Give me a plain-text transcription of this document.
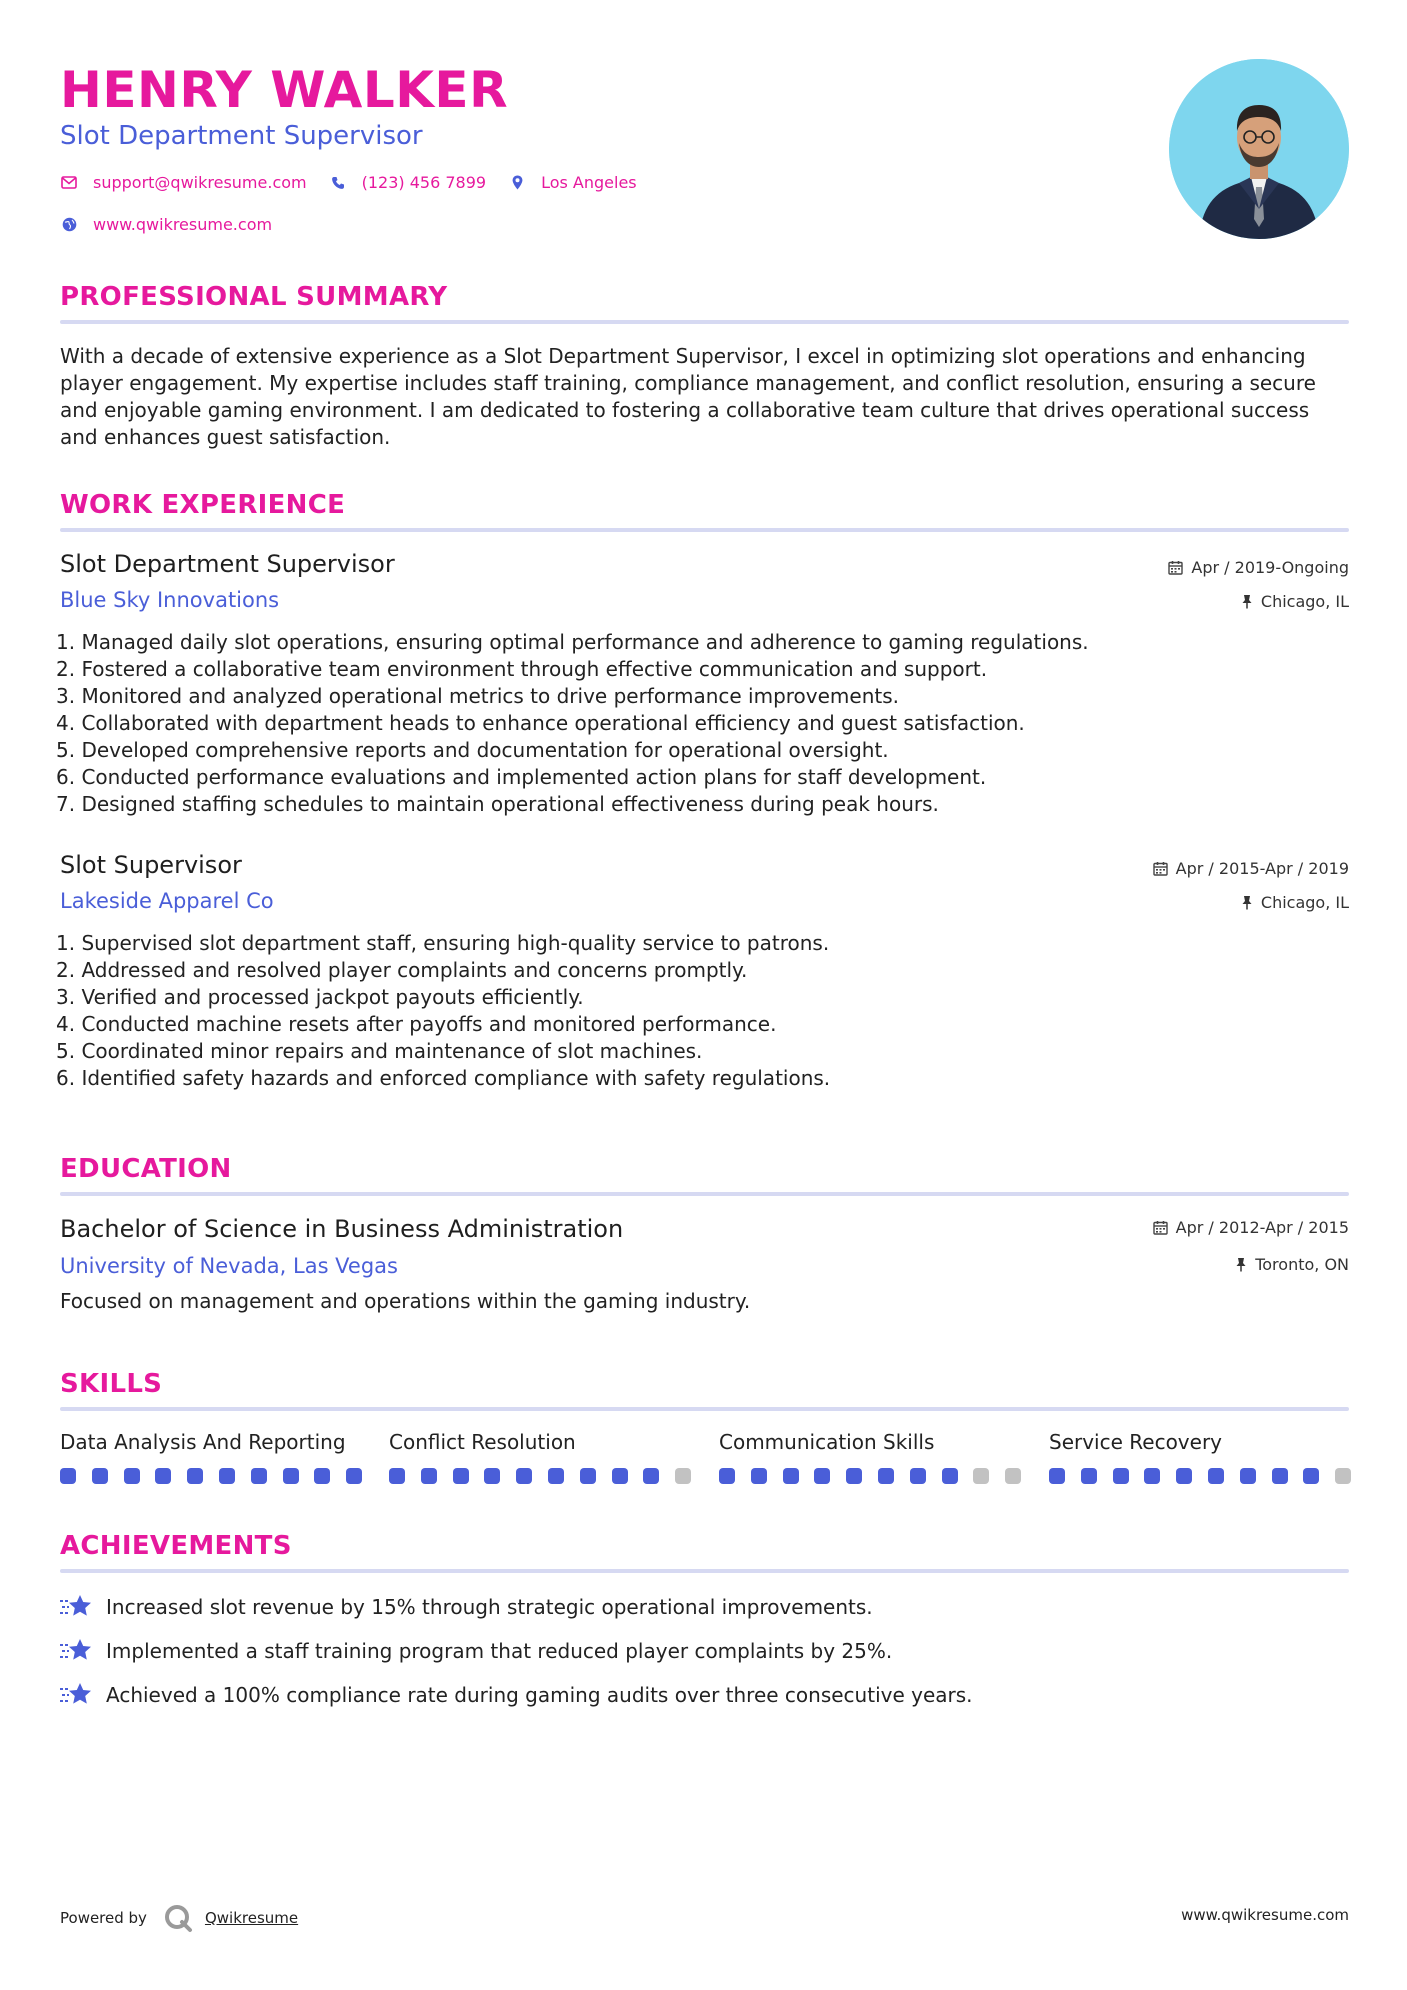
HENRY WALKER
Slot Department Supervisor
support@qwikresume.com	(123) 456 7899	Los Angeles
www.qwikresume.com
PROFESSIONAL SUMMARY
With a decade of extensive experience as a Slot Department Supervisor, I excel in optimizing slot operations and enhancing player engagement. My expertise includes staff training, compliance management, and conflict resolution, ensuring a secure and enjoyable gaming environment. I am dedicated to fostering a collaborative team culture that drives operational success and enhances guest satisfaction.
WORK EXPERIENCE
Slot Department Supervisor
Blue Sky Innovations
Apr / 2019-Ongoing
Chicago, IL
1. Managed daily slot operations, ensuring optimal performance and adherence to gaming regulations.
2. Fostered a collaborative team environment through effective communication and support.
3. Monitored and analyzed operational metrics to drive performance improvements.
4. Collaborated with department heads to enhance operational efficiency and guest satisfaction.
5. Developed comprehensive reports and documentation for operational oversight.
6. Conducted performance evaluations and implemented action plans for staff development.
7. Designed staffing schedules to maintain operational effectiveness during peak hours.
Slot Supervisor
Lakeside Apparel Co
Apr / 2015-Apr / 2019
Chicago, IL
1. Supervised slot department staff, ensuring high-quality service to patrons.
2. Addressed and resolved player complaints and concerns promptly.
3. Verified and processed jackpot payouts efficiently.
4. Conducted machine resets after payoffs and monitored performance.
5. Coordinated minor repairs and maintenance of slot machines.
6. Identified safety hazards and enforced compliance with safety regulations.
EDUCATION
Bachelor of Science in Business Administration
University of Nevada, Las Vegas
Apr / 2012-Apr / 2015
Toronto, ON
Focused on management and operations within the gaming industry.
SKILLS
Data Analysis And Reporting	Conflict Resolution	Communication Skills	Service Recovery
ACHIEVEMENTS
Increased slot revenue by 15% through strategic operational improvements.
Implemented a staff training program that reduced player complaints by 25%.
Achieved a 100% compliance rate during gaming audits over three consecutive years.
Powered by	Qwikresume	www.qwikresume.com
